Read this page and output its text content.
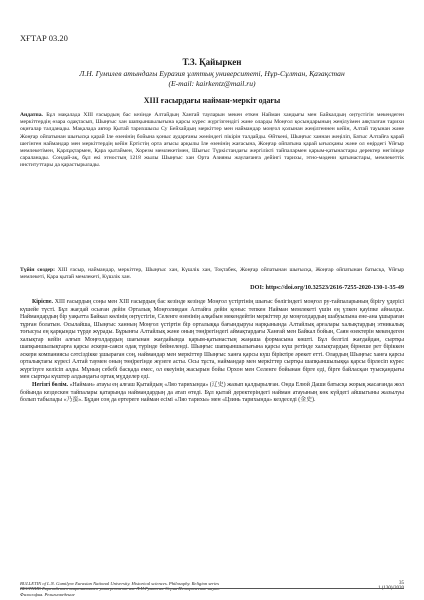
ХҒТАР 03.20
Т.З. Қайыркен
Л.Н. Гумилев атындағы Еуразия ұлттық университеті, Нұр-Сұлтан, Қазақстан
(E-mail: kairkentz@mail.ru)
XIII ғасырдағы найман-меркіт одағы
Андатпа. Бұл мақалада XIII ғасырдың бас кезінде Алтайдың Хангай тауларын мекен еткен Найман хандығы мен Байкалдың оңтүстігін мекендеген меркіттердің өзара одақтасып, Шыңғыс хан шапқыншылығына қарсы күрес жүргізгендігі және оларды Моңғол қосындарының жеңілуімен аяқталған тарихи оқиғалар талданады. Мақалада автор Қытай тарихшысы Су Бейхайдың меркіттер мен наймандар моңғол қолынан жеңілгеннен кейін, Алтай тауынан және Жоңғар ойпатынан шығысқа қарай Іле өзенінің бойына қоныс аударғаны жөніндегі пікірін талдайды. Өйткені, Шыңғыс ханнан жеңіліп, Батыс Алтайға қарай шегінген наймандар мен меркіттердің кейін Ертістің орта ағысы арқылы Іле өзенінің жағасына, Жоңғар ойпатына қарай ығысқаны және ол өңірдегі Ұйғыр мемлекетімен, Қарлұқтармен, Қара қытаймен, Хорезм мемлекетімен, Шығыс Түркістандағы жергілікті тайпалармен қарым-қатынастары деректер негізінде сараланады. Сондай-ақ, бұл екі этностың 1218 жылы Шыңғыс хан Орта Азияны жаулағанға дейінгі тарихы, этно-мәдени қатынастары, мемлекеттік институттары да қарастырылады.
Түйін сөздер: XIII ғасыр, наймандар, меркіттер, Шыңғыс хан, Күшлік хан, Тоқтабек, Жоңғар ойпатынан шығысқа, Жоңғар ойпатынан батысқа, Ұйғыр мемлекеті, Қара қытай мемлекеті, Күшлік хан.
DOI: https://doi.org/10.32523/2616-7255-2020-130-1-35-49

Кіріспе. XIII ғасырдың соңы мен XIII ғасырдың бас кезінде кезінде Моңғол үстіртінің шығыс бөлігіндегі моңғол ру-тайпаларының бірігу үдерісі күшейе түсті. Бұл жағдай осыған дейін Орталық Моңғолиядан Алтайға дейін қоныс тепкен Найман мемлекеті үшін ең үлкен қауіпке айналды. Наймандардың бір уақытта Байкал көлінің оңтүстігін, Селенге өзенінің алқабын мекендейтін меркіттер де моңғолдардың шабуылына ене-ана ұшыраған тұрған болатын. Осылайша, Шыңғыс ханның Моңғол үстіртін бір орталыққа бағындыруы нарқынында Алтайлық арғалары халықтардың этникалық тоғысуы ең қарқынды түрде жүрады. Бұрынғы Алтайлық және оның төңірегіндегі аймақтардағы Ханғай мен Байкал бойын, Саян өзектерін мекендеген халықтар кейін алғып Моңғолдардың шағынан жағдайында қарым-қатынастың жаңаша формасына көшті. Бұл белгілі жағдайдан, сыртқы шапқыншылықтарға қарсы әскери-саяси одақ түрінде бейнеленді. Шыңғыс шапқыншылығына қарсы күш ретінде халықтардың бірнеше рет біріккен әскери компаниясы сәтсіздікке ұшыраған соң, наймандар мен меркіттер Шыңғыс ханға қарсы күш біріктіре әрекет етті. Олардың Шыңғыс ханға қарсы орталықтағы күресі Алтай таумен оның төңірегінде жүзеге асты. Осы тұста, наймандар мен меркіттер сыртқы шапқыншылыққа қарсы бірлесіп күрес жүргізуге келісіп алды. Мұның себебі басқада емес, ол екеуінің жасырын бойы Орхон мен Селенге бойынан бірге еді, бірге байласқан туысқандығы мен сыртқы күштер алдындағы ортақ мүдделер еді.

Негізгі бөлім. «Найман» атауы ең алғаш Қытайдың «Ляо тарихында» (辽史) жазып қалдырылған. Онда Елюй Даши батысқа жорық жасағанда жол бойында кездескен тайпалары қатарында наймандардың да атап өтеді. Бұл қытай деректеріндегі найман атауының көк күйдегі айшыгыны жазылуы болып табылады «乃蛮». Бұдан соң да ертереге найман есімі «Ляо тарихы» мен «Цзинь тарихында» кездеседі (金史).

BULLETIN of L.N. Gumilyov Eurasian National University. Historical sciences. Philosophy. Religion series
ВЕСТНИК Евразийского национального университета им. Л.Н.Гумилева. Серия Исторические науки.
Философия. Религиоведение
35
1 (130)/2020
